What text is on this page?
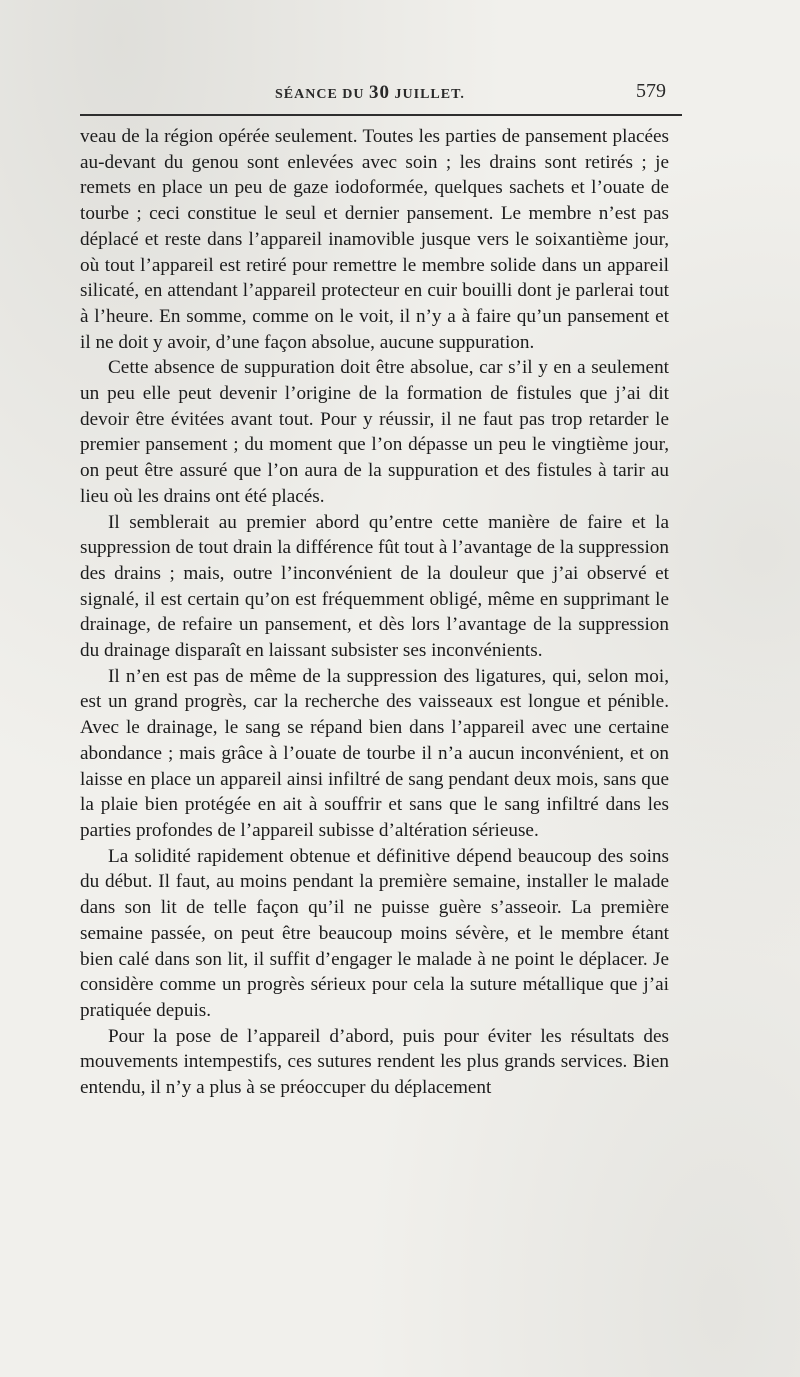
SÉANCE DU 30 JUILLET.	579

veau de la région opérée seulement. Toutes les parties de pansement placées au-devant du genou sont enlevées avec soin ; les drains sont retirés ; je remets en place un peu de gaze iodoformée, quelques sachets et l’ouate de tourbe ; ceci constitue le seul et dernier pansement. Le membre n’est pas déplacé et reste dans l’appareil inamovible jusque vers le soixantième jour, où tout l’appareil est retiré pour remettre le membre solide dans un appareil silicaté, en attendant l’appareil protecteur en cuir bouilli dont je parlerai tout à l’heure. En somme, comme on le voit, il n’y a à faire qu’un pansement et il ne doit y avoir, d’une façon absolue, aucune suppuration.

Cette absence de suppuration doit être absolue, car s’il y en a seulement un peu elle peut devenir l’origine de la formation de fistules que j’ai dit devoir être évitées avant tout. Pour y réussir, il ne faut pas trop retarder le premier pansement ; du moment que l’on dépasse un peu le vingtième jour, on peut être assuré que l’on aura de la suppuration et des fistules à tarir au lieu où les drains ont été placés.

Il semblerait au premier abord qu’entre cette manière de faire et la suppression de tout drain la différence fût tout à l’avantage de la suppression des drains ; mais, outre l’inconvénient de la douleur que j’ai observé et signalé, il est certain qu’on est fréquemment obligé, même en supprimant le drainage, de refaire un pansement, et dès lors l’avantage de la suppression du drainage disparaît en laissant subsister ses inconvénients.

Il n’en est pas de même de la suppression des ligatures, qui, selon moi, est un grand progrès, car la recherche des vaisseaux est longue et pénible. Avec le drainage, le sang se répand bien dans l’appareil avec une certaine abondance ; mais grâce à l’ouate de tourbe il n’a aucun inconvénient, et on laisse en place un appareil ainsi infiltré de sang pendant deux mois, sans que la plaie bien protégée en ait à souffrir et sans que le sang infiltré dans les parties profondes de l’appareil subisse d’altération sérieuse.

La solidité rapidement obtenue et définitive dépend beaucoup des soins du début. Il faut, au moins pendant la première semaine, installer le malade dans son lit de telle façon qu’il ne puisse guère s’asseoir. La première semaine passée, on peut être beaucoup moins sévère, et le membre étant bien calé dans son lit, il suffit d’engager le malade à ne point le déplacer. Je considère comme un progrès sérieux pour cela la suture métallique que j’ai pratiquée depuis.

Pour la pose de l’appareil d’abord, puis pour éviter les résultats des mouvements intempestifs, ces sutures rendent les plus grands services. Bien entendu, il n’y a plus à se préoccuper du déplacement
